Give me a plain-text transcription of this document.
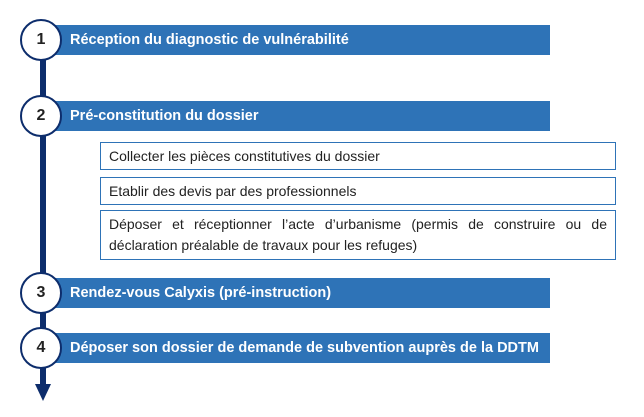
Réception du diagnostic de vulnérabilité
1
Pré-constitution du dossier
2
Collecter les pièces constitutives du dossier
Etablir des devis par des professionnels
Déposer et réceptionner l’acte d’urbanisme (permis de construire ou de déclaration préalable de travaux pour les refuges)
Rendez-vous Calyxis (pré-instruction)
3
Déposer son dossier de demande de subvention auprès de la DDTM
4
